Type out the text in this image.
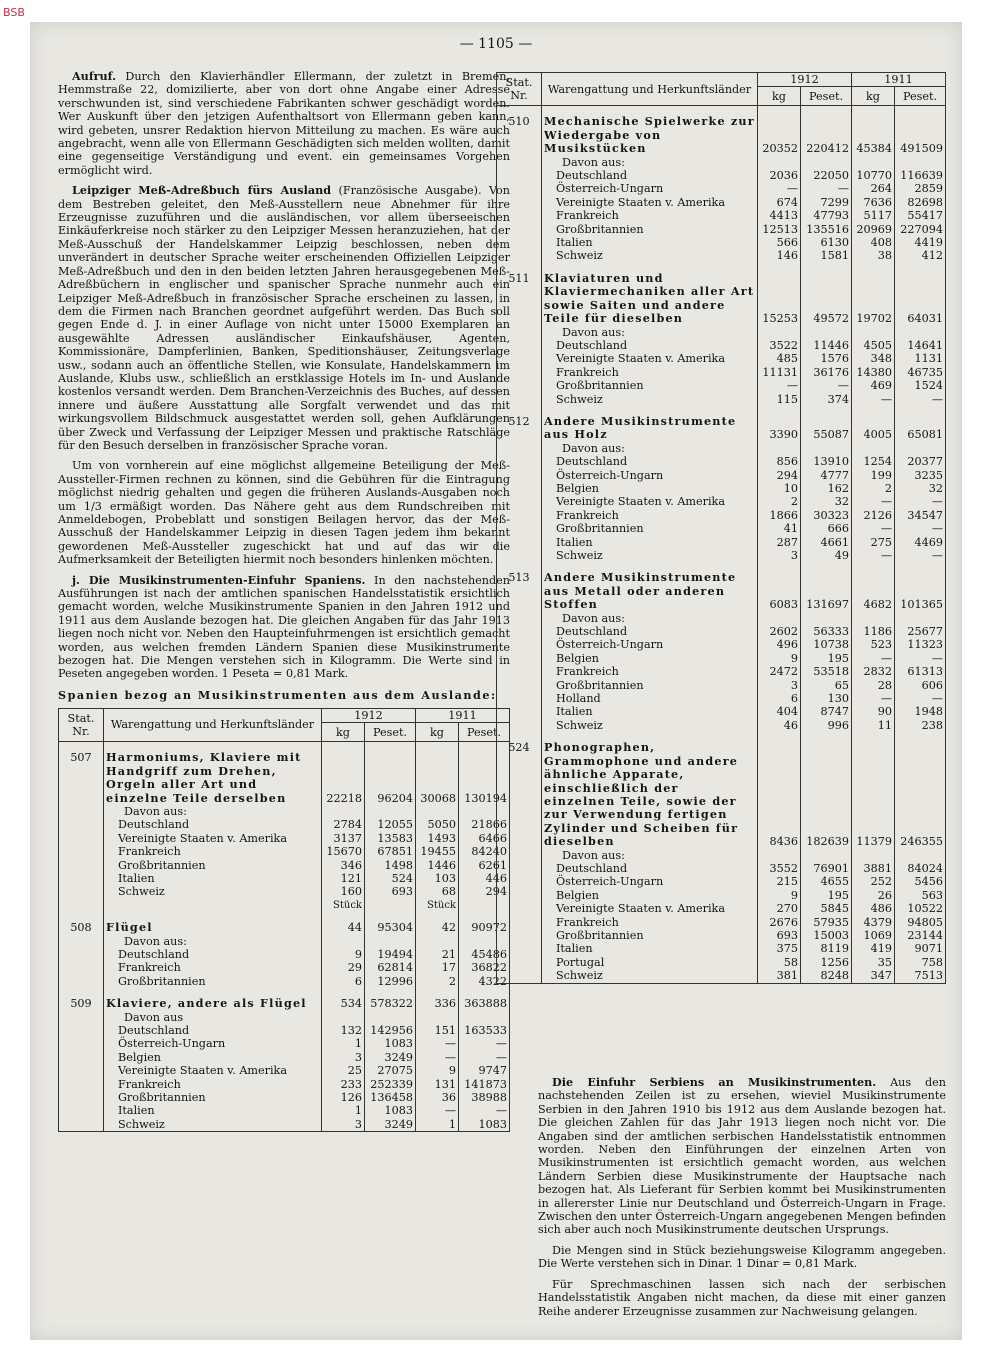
BSB
— 1105 —

Aufruf. Durch den Klavierhändler Ellermann, der zuletzt in Bremen, Hemmstraße 22, domizilierte, aber von dort ohne Angabe einer Adresse verschwunden ist, sind verschiedene Fabrikanten schwer geschädigt worden. Wer Auskunft über den jetzigen Aufenthaltsort von Ellermann geben kann, wird gebeten, unsrer Redaktion hiervon Mitteilung zu machen. Es wäre auch angebracht, wenn alle von Ellermann Geschädigten sich melden wollten, damit eine gegenseitige Verständigung und event. ein gemeinsames Vorgehen ermöglicht wird.

Leipziger Meß-Adreßbuch fürs Ausland (Französische Ausgabe). Von dem Bestreben geleitet, den Meß-Ausstellern neue Abnehmer für ihre Erzeugnisse zuzuführen und die ausländischen, vor allem überseeischen Einkäuferkreise noch stärker zu den Leipziger Messen heranzuziehen, hat der Meß-Ausschuß der Handelskammer Leipzig beschlossen, neben dem unverändert in deutscher Sprache weiter erscheinenden Offiziellen Leipziger Meß-Adreßbuch und den in den beiden letzten Jahren herausgegebenen Meß-Adreßbüchern in englischer und spanischer Sprache nunmehr auch ein Leipziger Meß-Adreßbuch in französischer Sprache erscheinen zu lassen, in dem die Firmen nach Branchen geordnet aufgeführt werden. Das Buch soll gegen Ende d. J. in einer Auflage von nicht unter 15000 Exemplaren an ausgewählte Adressen ausländischer Einkaufshäuser, Agenten, Kommissionäre, Dampferlinien, Banken, Speditionshäuser, Zeitungsverlage usw., sodann auch an öffentliche Stellen, wie Konsulate, Handelskammern im Auslande, Klubs usw., schließlich an erstklassige Hotels im In- und Auslande kostenlos versandt werden. Dem Branchen-Verzeichnis des Buches, auf dessen innere und äußere Ausstattung alle Sorgfalt verwendet und das mit wirkungsvollem Bildschmuck ausgestattet werden soll, gehen Aufklärungen über Zweck und Verfassung der Leipziger Messen und praktische Ratschläge für den Besuch derselben in französischer Sprache voran.

Um von vornherein auf eine möglichst allgemeine Beteiligung der Meß-Aussteller-Firmen rechnen zu können, sind die Gebühren für die Eintragung möglichst niedrig gehalten und gegen die früheren Auslands-Ausgaben noch um 1/3 ermäßigt worden. Das Nähere geht aus dem Rundschreiben mit Anmeldebogen, Probeblatt und sonstigen Beilagen hervor, das der Meß-Ausschuß der Handelskammer Leipzig in diesen Tagen jedem ihm bekannt gewordenen Meß-Aussteller zugeschickt hat und auf das wir die Aufmerksamkeit der Beteiligten hiermit noch besonders hinlenken möchten.

j. Die Musikinstrumenten-Einfuhr Spaniens. In den nachstehenden Ausführungen ist nach der amtlichen spanischen Handelsstatistik ersichtlich gemacht worden, welche Musikinstrumente Spanien in den Jahren 1912 und 1911 aus dem Auslande bezogen hat. Die gleichen Angaben für das Jahr 1913 liegen noch nicht vor. Neben den Haupteinfuhrmengen ist ersichtlich gemacht worden, aus welchen fremden Ländern Spanien diese Musikinstrumente bezogen hat. Die Mengen verstehen sich in Kilogramm. Die Werte sind in Peseten angegeben worden. 1 Peseta = 0,81 Mark.

Spanien bezog an Musikinstrumenten aus dem Auslande:
Stat. Nr.	Warengattung und Herkunftsländer	1912		1911	
		kg	Peset.	kg	Peset.
507	Harmoniums, Klaviere mit Handgriff zum Drehen, Orgeln aller Art und einzelne Teile derselben	22218	96204	30068	130194
	Davon aus:				
	Deutschland	2784	12055	5050	21866
	Vereinigte Staaten v. Amerika	3137	13583	1493	6466
	Frankreich	15670	67851	19455	84240
	Großbritannien	346	1498	1446	6261
	Italien	121	524	103	446
	Schweiz	160	693	68	294
		Stück		Stück	
508	Flügel	44	95304	42	90972
	Davon aus:				
	Deutschland	9	19494	21	45486
	Frankreich	29	62814	17	36822
	Großbritannien	6	12996	2	4322
509	Klaviere, andere als Flügel	534	578322	336	363888
	Davon aus				
	Deutschland	132	142956	151	163533
	Österreich-Ungarn	1	1083	—	—
	Belgien	3	3249	—	—
	Vereinigte Staaten v. Amerika	25	27075	9	9747
	Frankreich	233	252339	131	141873
	Großbritannien	126	136458	36	38988
	Italien	1	1083	—	—
	Schweiz	3	3249	1	1083
Stat. Nr.	Warengattung und Herkunftsländer	1912		1911	
		kg	Peset.	kg	Peset.
510	Mechanische Spielwerke zur Wiedergabe von Musikstücken	20352	220412	45384	491509
	Davon aus:				
	Deutschland	2036	22050	10770	116639
	Österreich-Ungarn	—	—	264	2859
	Vereinigte Staaten v. Amerika	674	7299	7636	82698
	Frankreich	4413	47793	5117	55417
	Großbritannien	12513	135516	20969	227094
	Italien	566	6130	408	4419
	Schweiz	146	1581	38	412
511	Klaviaturen und Klaviermechaniken aller Art sowie Saiten und andere Teile für dieselben	15253	49572	19702	64031
	Davon aus:				
	Deutschland	3522	11446	4505	14641
	Vereinigte Staaten v. Amerika	485	1576	348	1131
	Frankreich	11131	36176	14380	46735
	Großbritannien	—	—	469	1524
	Schweiz	115	374	—	—
512	Andere Musikinstrumente aus Holz	3390	55087	4005	65081
	Davon aus:				
	Deutschland	856	13910	1254	20377
	Österreich-Ungarn	294	4777	199	3235
	Belgien	10	162	2	32
	Vereinigte Staaten v. Amerika	2	32	—	—
	Frankreich	1866	30323	2126	34547
	Großbritannien	41	666	—	—
	Italien	287	4661	275	4469
	Schweiz	3	49	—	—
513	Andere Musikinstrumente aus Metall oder anderen Stoffen	6083	131697	4682	101365
	Davon aus:				
	Deutschland	2602	56333	1186	25677
	Österreich-Ungarn	496	10738	523	11323
	Belgien	9	195	—	—
	Frankreich	2472	53518	2832	61313
	Großbritannien	3	65	28	606
	Holland	6	130	—	—
	Italien	404	8747	90	1948
	Schweiz	46	996	11	238
524	Phonographen, Grammophone und andere ähnliche Apparate, einschließlich der einzelnen Teile, sowie der zur Verwendung fertigen Zylinder und Scheiben für dieselben	8436	182639	11379	246355
	Davon aus:				
	Deutschland	3552	76901	3881	84024
	Österreich-Ungarn	215	4655	252	5456
	Belgien	9	195	26	563
	Vereinigte Staaten v. Amerika	270	5845	486	10522
	Frankreich	2676	57935	4379	94805
	Großbritannien	693	15003	1069	23144
	Italien	375	8119	419	9071
	Portugal	58	1256	35	758
	Schweiz	381	8248	347	7513

Die Einfuhr Serbiens an Musikinstrumenten. Aus den nachstehenden Zeilen ist zu ersehen, wieviel Musikinstrumente Serbien in den Jahren 1910 bis 1912 aus dem Auslande bezogen hat. Die gleichen Zahlen für das Jahr 1913 liegen noch nicht vor. Die Angaben sind der amtlichen serbischen Handelsstatistik entnommen worden. Neben den Einführungen der einzelnen Arten von Musikinstrumenten ist ersichtlich gemacht worden, aus welchen Ländern Serbien diese Musikinstrumente der Hauptsache nach bezogen hat. Als Lieferant für Serbien kommt bei Musikinstrumenten in allererster Linie nur Deutschland und Österreich-Ungarn in Frage. Zwischen den unter Österreich-Ungarn angegebenen Mengen befinden sich aber auch noch Musikinstrumente deutschen Ursprungs.

Die Mengen sind in Stück beziehungsweise Kilogramm angegeben. Die Werte verstehen sich in Dinar. 1 Dinar = 0,81 Mark.

Für Sprechmaschinen lassen sich nach der serbischen Handelsstatistik Angaben nicht machen, da diese mit einer ganzen Reihe anderer Erzeugnisse zusammen zur Nachweisung gelangen.
